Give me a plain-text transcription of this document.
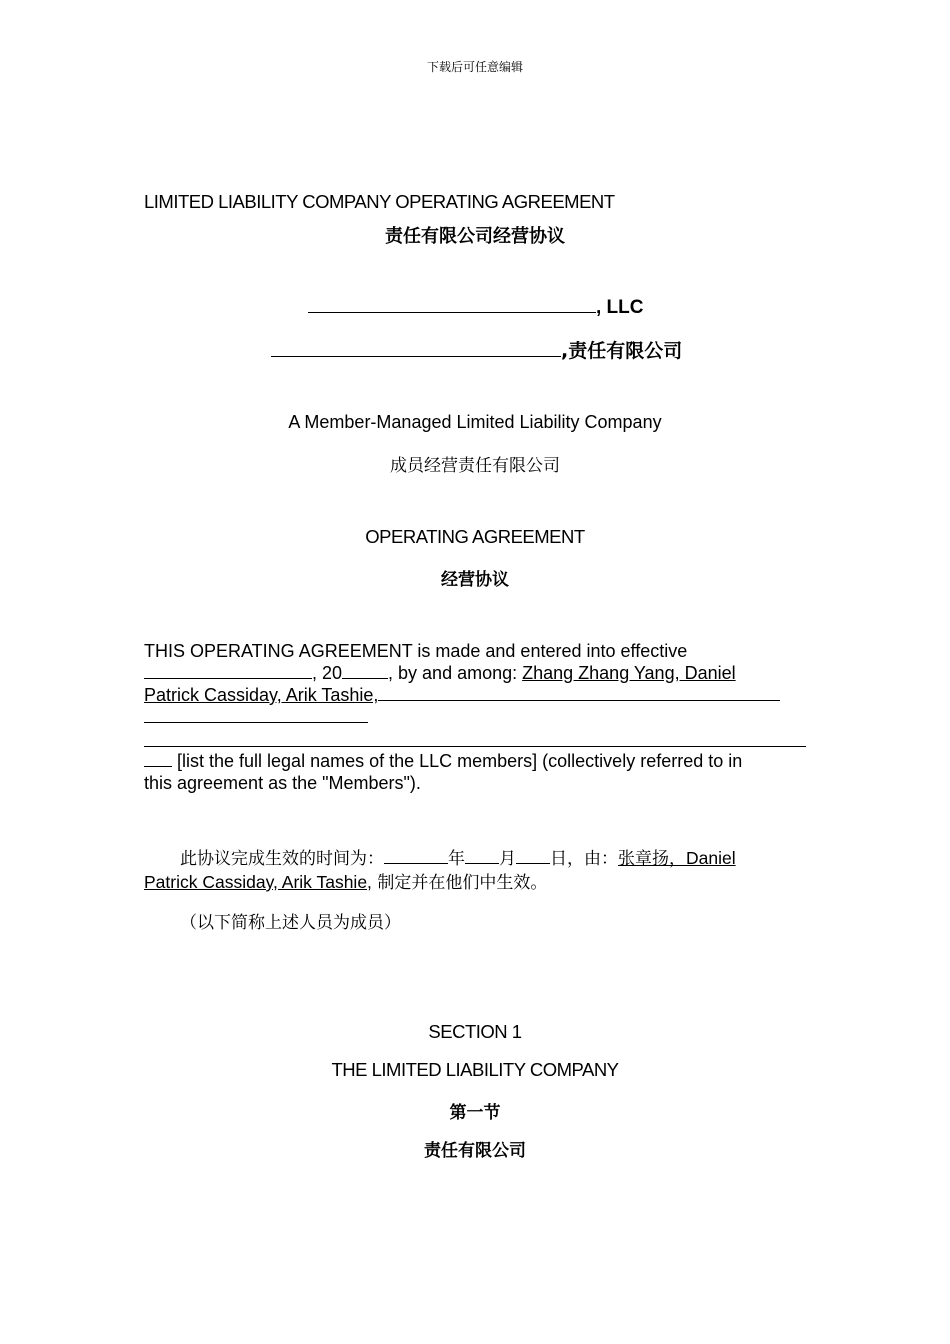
下载后可任意编辑
LIMITED LIABILITY COMPANY OPERATING AGREEMENT
责任有限公司经营协议
, LLC
,责任有限公司
A Member-Managed Limited Liability Company
成员经营责任有限公司
OPERATING AGREEMENT
经营协议
THIS OPERATING AGREEMENT is made and entered into effective
, 20	, by and among: Zhang Zhang Yang, Daniel
Patrick Cassiday, Arik Tashie,
[list the full legal names of the LLC members] (collectively referred to in
this agreement as the "Members").
此协议完成生效的时间为：	年 月 日，由：张章扬，Daniel
Patrick Cassiday, Arik Tashie, 制定并在他们中生效。
（以下简称上述人员为成员）
SECTION 1
THE LIMITED LIABILITY COMPANY
第一节
责任有限公司
